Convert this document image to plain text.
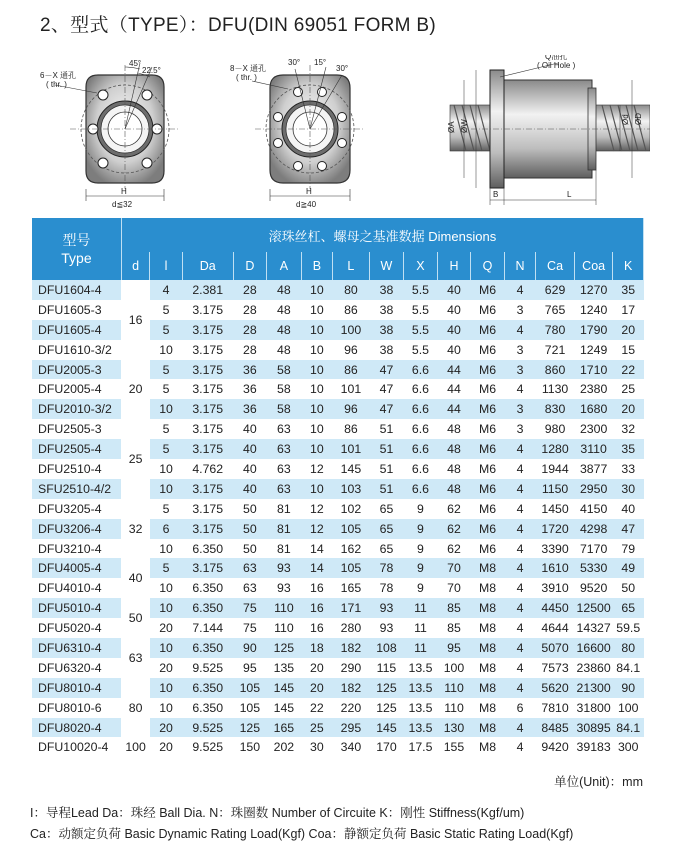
2、型式（TYPE）：DFU(DIN 69051 FORM B)
45°
22.5°
6－X 通孔
( thr. )
H
d≦32
30° 15°
30°
8－X 通孔
( thr. )
H
d≧40
Q油孔
( Oil Hole )
ØA ØW	Ød ØD
B	L
型号
Type	滚珠丝杠、螺母之基准数据 Dimensions														
	d	l	Da	D	A	B	L	W	X	H	Q	N	Ca	Coa	K
DFU1604-4	16	4	2.381	28	48	10	80	38	5.5	40	M6	4	629	1270	35
DFU1605-3		5	3.175	28	48	10	86	38	5.5	40	M6	3	765	1240	17
DFU1605-4		5	3.175	28	48	10	100	38	5.5	40	M6	4	780	1790	20
DFU1610-3/2		10	3.175	28	48	10	96	38	5.5	40	M6	3	721	1249	15
DFU2005-3	20	5	3.175	36	58	10	86	47	6.6	44	M6	3	860	1710	22
DFU2005-4		5	3.175	36	58	10	101	47	6.6	44	M6	4	1130	2380	25
DFU2010-3/2		10	3.175	36	58	10	96	47	6.6	44	M6	3	830	1680	20
DFU2505-3	25	5	3.175	40	63	10	86	51	6.6	48	M6	3	980	2300	32
DFU2505-4		5	3.175	40	63	10	101	51	6.6	48	M6	4	1280	3110	35
DFU2510-4		10	4.762	40	63	12	145	51	6.6	48	M6	4	1944	3877	33
SFU2510-4/2		10	3.175	40	63	10	103	51	6.6	48	M6	4	1150	2950	30
DFU3205-4	32	5	3.175	50	81	12	102	65	9	62	M6	4	1450	4150	40
DFU3206-4		6	3.175	50	81	12	105	65	9	62	M6	4	1720	4298	47
DFU3210-4		10	6.350	50	81	14	162	65	9	62	M6	4	3390	7170	79
DFU4005-4	40	5	3.175	63	93	14	105	78	9	70	M8	4	1610	5330	49
DFU4010-4		10	6.350	63	93	16	165	78	9	70	M8	4	3910	9520	50
DFU5010-4	50	10	6.350	75	110	16	171	93	11	85	M8	4	4450	12500	65
DFU5020-4		20	7.144	75	110	16	280	93	11	85	M8	4	4644	14327	59.5
DFU6310-4	63	10	6.350	90	125	18	182	108	11	95	M8	4	5070	16600	80
DFU6320-4		20	9.525	95	135	20	290	115	13.5	100	M8	4	7573	23860	84.1
DFU8010-4	80	10	6.350	105	145	20	182	125	13.5	110	M8	4	5620	21300	90
DFU8010-6		10	6.350	105	145	22	220	125	13.5	110	M8	6	7810	31800	100
DFU8020-4		20	9.525	125	165	25	295	145	13.5	130	M8	4	8485	30895	84.1
DFU10020-4	100	20	9.525	150	202	30	340	170	17.5	155	M8	4	9420	39183	300
单位(Unit)：mm
I：导程Lead Da：珠经 Ball Dia. N：珠圈数 Number of Circuite K：刚性 Stiffness(Kgf/um)
Ca：动额定负荷 Basic Dynamic Rating Load(Kgf) Coa：静额定负荷 Basic Static Rating Load(Kgf)
